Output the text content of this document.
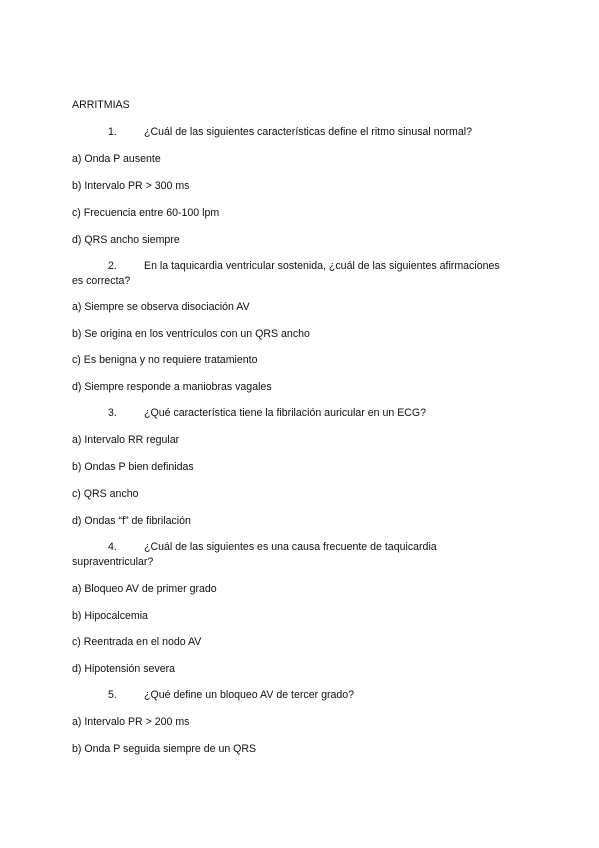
ARRITMIAS
1.	¿Cuál de las siguientes características define el ritmo sinusal normal?
a) Onda P ausente
b) Intervalo PR > 300 ms
c) Frecuencia entre 60-100 lpm
d) QRS ancho siempre
2.	En la taquicardia ventricular sostenida, ¿cuál de las siguientes afirmaciones
es correcta?
a) Siempre se observa disociación AV
b) Se origina en los ventrículos con un QRS ancho
c) Es benigna y no requiere tratamiento
d) Siempre responde a maniobras vagales
3.	¿Qué característica tiene la fibrilación auricular en un ECG?
a) Intervalo RR regular
b) Ondas P bien definidas
c) QRS ancho
d) Ondas “f” de fibrilación
4.	¿Cuál de las siguientes es una causa frecuente de taquicardia
supraventricular?
a) Bloqueo AV de primer grado
b) Hipocalcemia
c) Reentrada en el nodo AV
d) Hipotensión severa
5.	¿Qué define un bloqueo AV de tercer grado?
a) Intervalo PR > 200 ms
b) Onda P seguida siempre de un QRS
